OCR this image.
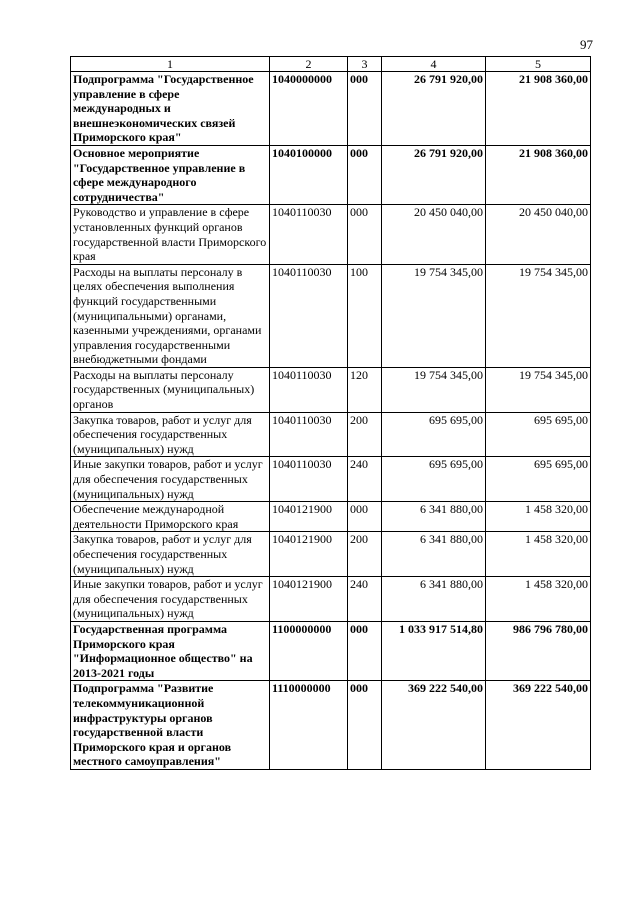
97
1	2	3	4	5
Подпрограмма "Государственное управление в сфере международных и внешнеэкономических связей Приморского края"	1040000000	000	26 791 920,00	21 908 360,00
Основное мероприятие "Государственное управление в сфере международного сотрудничества"	1040100000	000	26 791 920,00	21 908 360,00
Руководство и управление в сфере установленных функций органов государственной власти Приморского края	1040110030	000	20 450 040,00	20 450 040,00
Расходы на выплаты персоналу в целях обеспечения выполнения функций государственными (муниципальными) органами, казенными учреждениями, органами управления государственными внебюджетными фондами	1040110030	100	19 754 345,00	19 754 345,00
Расходы на выплаты персоналу государственных (муниципальных) органов	1040110030	120	19 754 345,00	19 754 345,00
Закупка товаров, работ и услуг для обеспечения государственных (муниципальных) нужд	1040110030	200	695 695,00	695 695,00
Иные закупки товаров, работ и услуг для обеспечения государственных (муниципальных) нужд	1040110030	240	695 695,00	695 695,00
Обеспечение международной деятельности Приморского края	1040121900	000	6 341 880,00	1 458 320,00
Закупка товаров, работ и услуг для обеспечения государственных (муниципальных) нужд	1040121900	200	6 341 880,00	1 458 320,00
Иные закупки товаров, работ и услуг для обеспечения государственных (муниципальных) нужд	1040121900	240	6 341 880,00	1 458 320,00
Государственная программа Приморского края "Информационное общество" на 2013-2021 годы	1100000000	000	1 033 917 514,80	986 796 780,00
Подпрограмма "Развитие телекоммуникационной инфраструктуры органов государственной власти Приморского края и органов местного самоуправления"	1110000000	000	369 222 540,00	369 222 540,00
